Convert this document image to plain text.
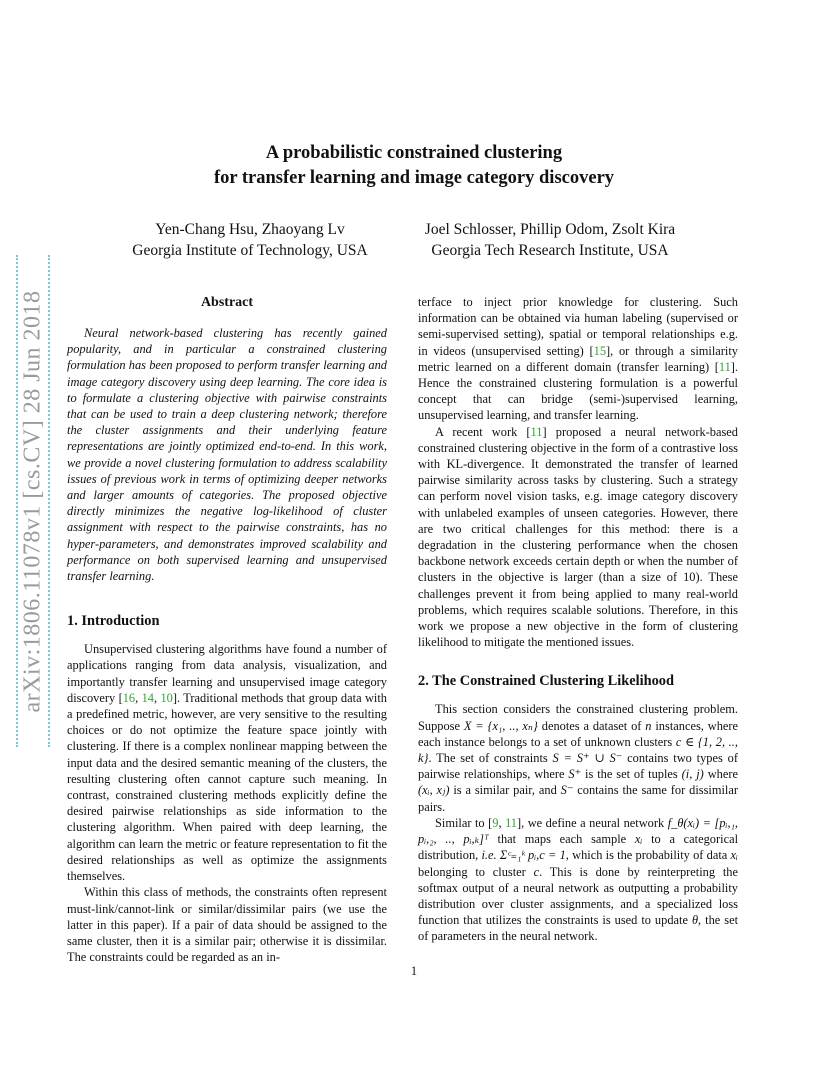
arXiv:1806.11078v1 [cs.CV] 28 Jun 2018
A probabilistic constrained clustering
for transfer learning and image category discovery
Yen-Chang Hsu, Zhaoyang Lv
Georgia Institute of Technology, USA
Joel Schlosser, Phillip Odom, Zsolt Kira
Georgia Tech Research Institute, USA

Abstract

Neural network-based clustering has recently gained popularity, and in particular a constrained clustering formulation has been proposed to perform transfer learning and image category discovery using deep learning. The core idea is to formulate a clustering objective with pairwise constraints that can be used to train a deep clustering network; therefore the cluster assignments and their underlying feature representations are jointly optimized end-to-end. In this work, we provide a novel clustering formulation to address scalability issues of previous work in terms of optimizing deeper networks and larger amounts of categories. The proposed objective directly minimizes the negative log-likelihood of cluster assignment with respect to the pairwise constraints, has no hyper-parameters, and demonstrates improved scalability and performance on both supervised learning and unsupervised transfer learning.

1. Introduction

Unsupervised clustering algorithms have found a number of applications ranging from data analysis, visualization, and importantly transfer learning and unsupervised image category discovery [16, 14, 10]. Traditional methods that group data with a predefined metric, however, are very sensitive to the resulting choices or do not optimize the feature space jointly with clustering. If there is a complex nonlinear mapping between the input data and the desired semantic meaning of the clusters, the resulting clustering often cannot capture such meaning. In contrast, constrained clustering methods explicitly define the desired pairwise relationships as side information to the clustering algorithm. When paired with deep learning, the algorithm can learn the metric or feature representation to fit the desired relationships as well as optimize the assignments themselves.

Within this class of methods, the constraints often represent must-link/cannot-link or similar/dissimilar pairs (we use the latter in this paper). If a pair of data should be assigned to the same cluster, then it is a similar pair; otherwise it is dissimilar. The constraints could be regarded as an in-

terface to inject prior knowledge for clustering. Such information can be obtained via human labeling (supervised or semi-supervised setting), spatial or temporal relationships e.g. in videos (unsupervised setting) [15], or through a similarity metric learned on a different domain (transfer learning) [11]. Hence the constrained clustering formulation is a powerful concept that can bridge (semi-)supervised learning, unsupervised learning, and transfer learning.

A recent work [11] proposed a neural network-based constrained clustering objective in the form of a contrastive loss with KL-divergence. It demonstrated the transfer of learned pairwise similarity across tasks by clustering. Such a strategy can perform novel vision tasks, e.g. image category discovery with unlabeled examples of unseen categories. However, there are two critical challenges for this method: there is a degradation in the clustering performance when the chosen backbone network exceeds certain depth or when the number of clusters in the objective is larger (than a size of 10). These challenges prevent it from being applied to many real-world problems, which requires scalable solutions. Therefore, in this work we propose a new objective in the form of clustering likelihood to mitigate the mentioned issues.

2. The Constrained Clustering Likelihood

This section considers the constrained clustering problem. Suppose X = {x₁, .., xₙ} denotes a dataset of n instances, where each instance belongs to a set of unknown clusters c ∈ {1, 2, .., k}. The set of constraints S = S⁺ ∪ S⁻ contains two types of pairwise relationships, where S⁺ is the set of tuples (i, j) where (xᵢ, xⱼ) is a similar pair, and S⁻ contains the same for dissimilar pairs.

Similar to [9, 11], we define a neural network f_θ(xᵢ) = [pᵢ,₁, pᵢ,₂, .., pᵢ,ₖ]ᵀ that maps each sample xᵢ to a categorical distribution, i.e. Σᶜ₌₁ᵏ pᵢ,c = 1, which is the probability of data xᵢ belonging to cluster c. This is done by reinterpreting the softmax output of a neural network as outputting a probability distribution over cluster assignments, and a specialized loss function that utilizes the constraints is used to update θ, the set of parameters in the neural network.

1
